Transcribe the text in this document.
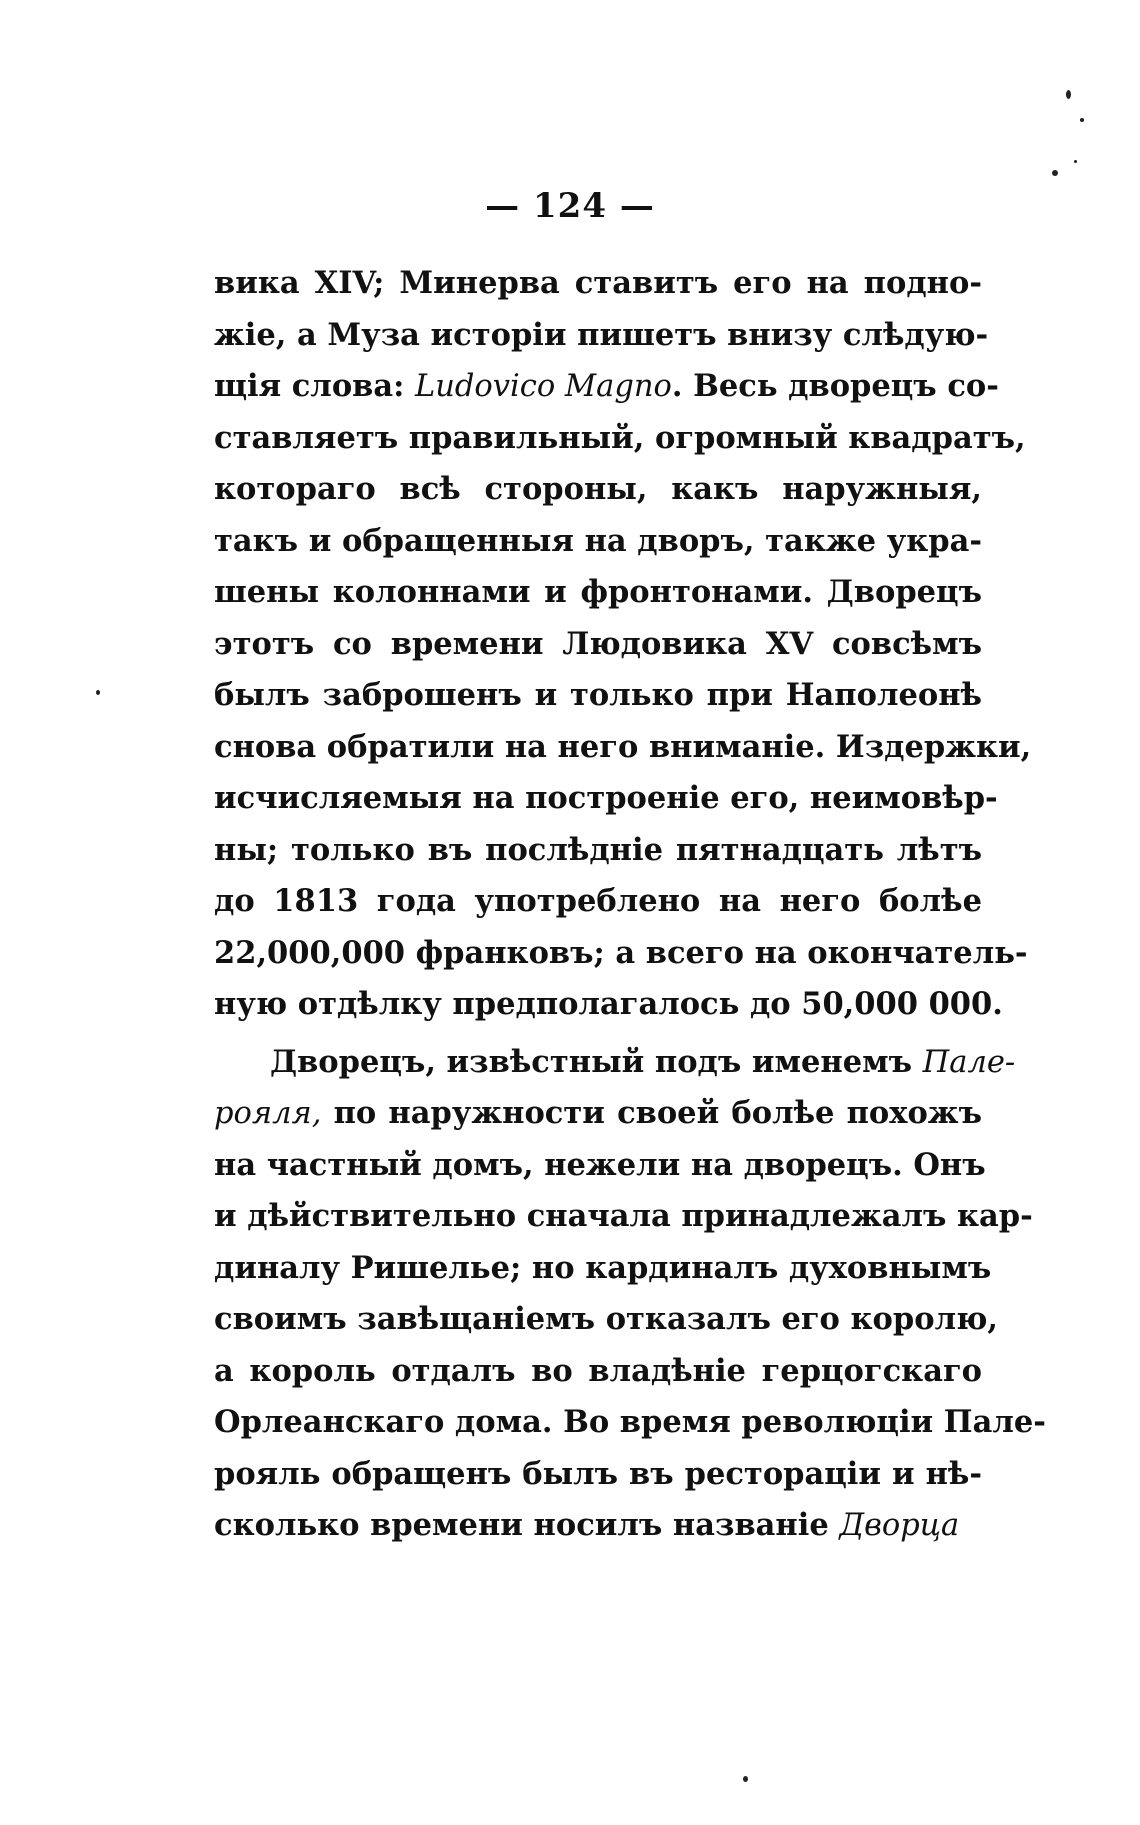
— 124 —
вика XIV; Минерва ставитъ его на подно-
жіе, а Муза исторіи пишетъ внизу слѣдую-
щія слова: Ludovico Magno. Весь дворецъ со-
ставляетъ правильный, огромный квадратъ,
котораго всѣ стороны, какъ наружныя,
такъ и обращенныя на дворъ, также укра-
шены колоннами и фронтонами. Дворецъ
этотъ со времени Людовика XV совсѣмъ
былъ заброшенъ и только при Наполеонѣ
снова обратили на него вниманіе. Издержки,
исчисляемыя на построеніе его, неимовѣр-
ны; только въ послѣдніе пятнадцать лѣтъ
до 1813 года употреблено на него болѣе
22,000,000 франковъ; а всего на окончатель-
ную отдѣлку предполагалось до 50,000 000.
Дворецъ, извѣстный подъ именемъ Пале-
рояля, по наружности своей болѣе похожъ
на частный домъ, нежели на дворецъ. Онъ
и дѣйствительно сначала принадлежалъ кар-
диналу Ришелье; но кардиналъ духовнымъ
своимъ завѣщаніемъ отказалъ его королю,
а король отдалъ во владѣніе герцогскаго
Орлеанскаго дома. Во время революціи Пале-
рояль обращенъ былъ въ ресторацiи и нѣ-
сколько времени носилъ названіе Дворца
